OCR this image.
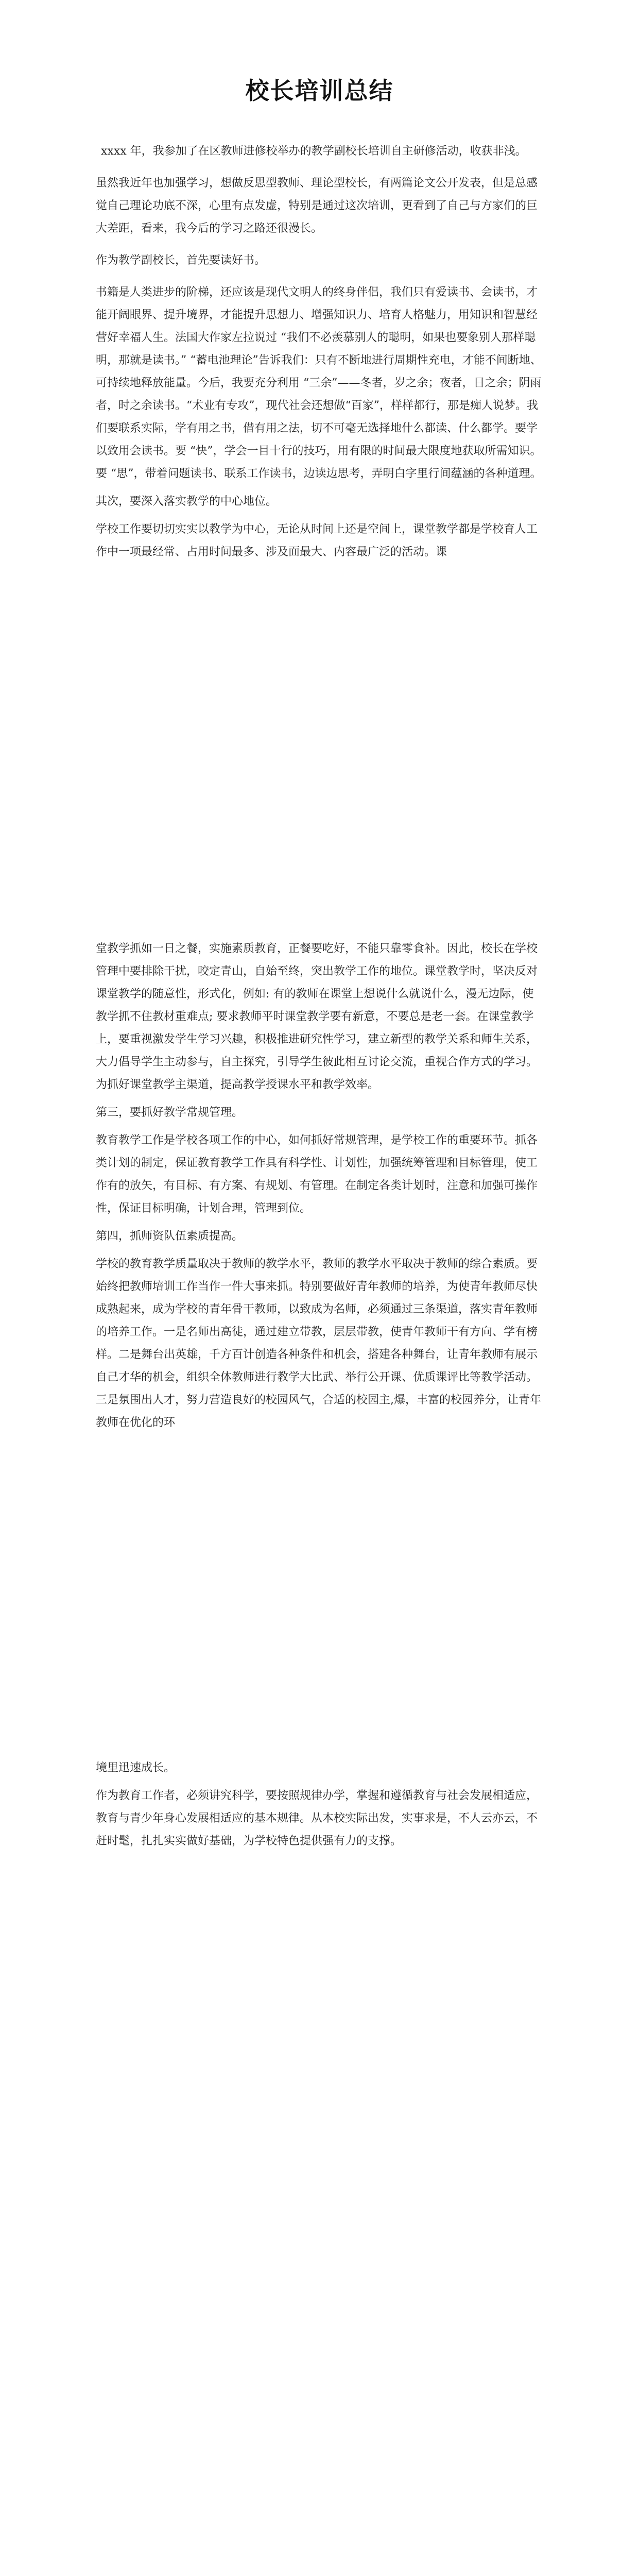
校长培训总结

xxxx 年，我参加了在区教师进修校举办的教学副校长培训自主研修活动，收获非浅。

虽然我近年也加强学习，想做反思型教师、理论型校长，有两篇论文公开发表，但是总感觉自己理论功底不深，心里有点发虚，特别是通过这次培训，更看到了自己与方家们的巨大差距，看来，我今后的学习之路还很漫长。

作为教学副校长，首先要读好书。

书籍是人类进步的阶梯，还应该是现代文明人的终身伴侣，我们只有爱读书、会读书，才能开阔眼界、提升境界，才能提升思想力、增强知识力、培育人格魅力，用知识和智慧经营好幸福人生。法国大作家左拉说过 “我们不必羡慕别人的聪明，如果也要象别人那样聪明，那就是读书。” “蓄电池理论”告诉我们：只有不断地进行周期性充电，才能不间断地、可持续地释放能量。今后，我要充分利用 “三余”——冬者，岁之余；夜者，日之余；阴雨者，时之余读书。“术业有专攻”，现代社会还想做“百家”，样样都行，那是痴人说梦。我们要联系实际，学有用之书，借有用之法，切不可毫无选择地什么都读、什么都学。要学以致用会读书。要 “快”，学会一目十行的技巧，用有限的时间最大限度地获取所需知识。要 “思”，带着问题读书、联系工作读书，边读边思考，弄明白字里行间蕴涵的各种道理。

其次，要深入落实教学的中心地位。

学校工作要切切实实以教学为中心，无论从时间上还是空间上，课堂教学都是学校育人工作中一项最经常、占用时间最多、涉及面最大、内容最广泛的活动。课

堂教学抓如一日之餐，实施素质教育，正餐要吃好，不能只靠零食补。因此，校长在学校管理中要排除干扰，咬定青山，自始至终，突出教学工作的地位。课堂教学时，坚决反对课堂教学的随意性，形式化，例如: 有的教师在课堂上想说什么就说什么，漫无边际，使教学抓不住教材重难点; 要求教师平时课堂教学要有新意，不要总是老一套。在课堂教学上，要重视激发学生学习兴趣，积极推进研究性学习，建立新型的教学关系和师生关系，大力倡导学生主动参与，自主探究，引导学生彼此相互讨论交流，重视合作方式的学习。为抓好课堂教学主渠道，提高教学授课水平和教学效率。

第三，要抓好教学常规管理。

教育教学工作是学校各项工作的中心，如何抓好常规管理，是学校工作的重要环节。抓各类计划的制定，保证教育教学工作具有科学性、计划性，加强统筹管理和目标管理，使工作有的放矢，有目标、有方案、有规划、有管理。在制定各类计划时，注意和加强可操作性，保证目标明确，计划合理，管理到位。

第四，抓师资队伍素质提高。

学校的教育教学质量取决于教师的教学水平，教师的教学水平取决于教师的综合素质。要始终把教师培训工作当作一件大事来抓。特别要做好青年教师的培养，为使青年教师尽快成熟起来，成为学校的青年骨干教师，以致成为名师，必须通过三条渠道，落实青年教师的培养工作。一是名师出高徒，通过建立带教，层层带教，使青年教师干有方向、学有榜样。二是舞台出英雄，千方百计创造各种条件和机会，搭建各种舞台，让青年教师有展示自己才华的机会，组织全体教师进行教学大比武、举行公开课、优质课评比等教学活动。三是氛围出人才，努力营造良好的校园风气，合适的校园主,爆，丰富的校园养分，让青年教师在优化的环

境里迅速成长。

作为教育工作者，必须讲究科学，要按照规律办学，掌握和遵循教育与社会发展相适应，教育与青少年身心发展相适应的基本规律。从本校实际出发，实事求是，不人云亦云，不赶时髦，扎扎实实做好基础，为学校特色提供强有力的支撑。
